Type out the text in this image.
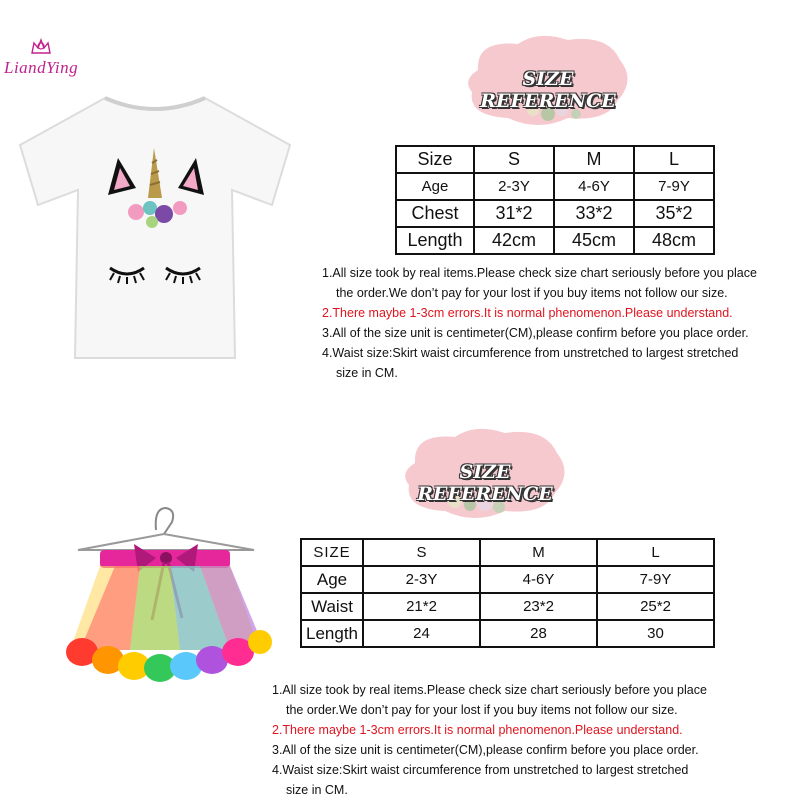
LiandYing
SIZE REFERENCE
Size	S	M	L
Age	2-3Y	4-6Y	7-9Y
Chest	31*2	33*2	35*2
Length	42cm	45cm	48cm

1.All size took by real items.Please check size chart seriously before you place

the order.We don’t pay for your lost if you buy items not follow our size.

2.There maybe 1-3cm errors.It is normal phenomenon.Please understand.

3.All of the size unit is centimeter(CM),please confirm before you place order.

4.Waist size:Skirt waist circumference from unstretched to largest stretched

size in CM.

SIZE REFERENCE
SIZE	S	M	L
Age	2-3Y	4-6Y	7-9Y
Waist	21*2	23*2	25*2
Length	24	28	30

1.All size took by real items.Please check size chart seriously before you place

the order.We don’t pay for your lost if you buy items not follow our size.

2.There maybe 1-3cm errors.It is normal phenomenon.Please understand.

3.All of the size unit is centimeter(CM),please confirm before you place order.

4.Waist size:Skirt waist circumference from unstretched to largest stretched

size in CM.
